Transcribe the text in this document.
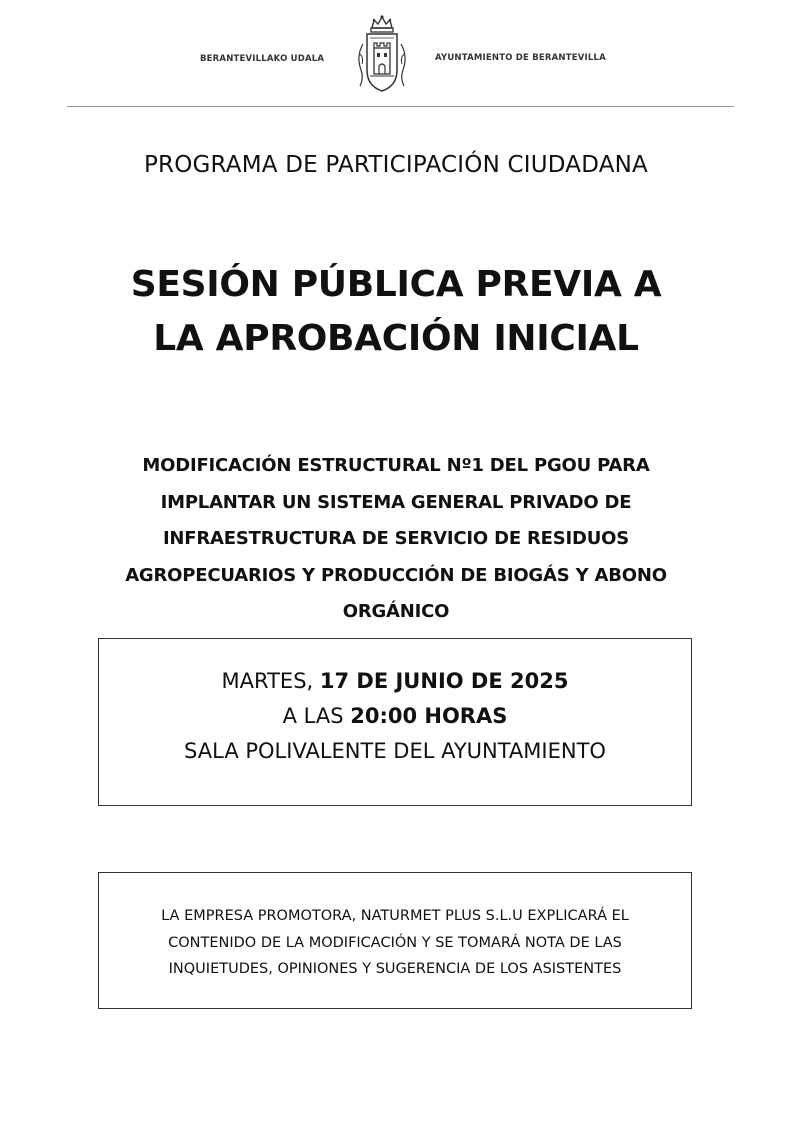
BERANTEVILLAKO UDALA	AYUNTAMIENTO DE BERANTEVILLA
PROGRAMA DE PARTICIPACIÓN CIUDADANA
SESIÓN PÚBLICA PREVIA A
LA APROBACIÓN INICIAL
MODIFICACIÓN ESTRUCTURAL Nº1 DEL PGOU PARA
IMPLANTAR UN SISTEMA GENERAL PRIVADO DE
INFRAESTRUCTURA DE SERVICIO DE RESIDUOS
AGROPECUARIOS Y PRODUCCIÓN DE BIOGÁS Y ABONO
ORGÁNICO
MARTES, 17 DE JUNIO DE 2025
A LAS 20:00 HORAS
SALA POLIVALENTE DEL AYUNTAMIENTO
LA EMPRESA PROMOTORA, NATURMET PLUS S.L.U EXPLICARÁ EL
CONTENIDO DE LA MODIFICACIÓN Y SE TOMARÁ NOTA DE LAS
INQUIETUDES, OPINIONES Y SUGERENCIA DE LOS ASISTENTES
